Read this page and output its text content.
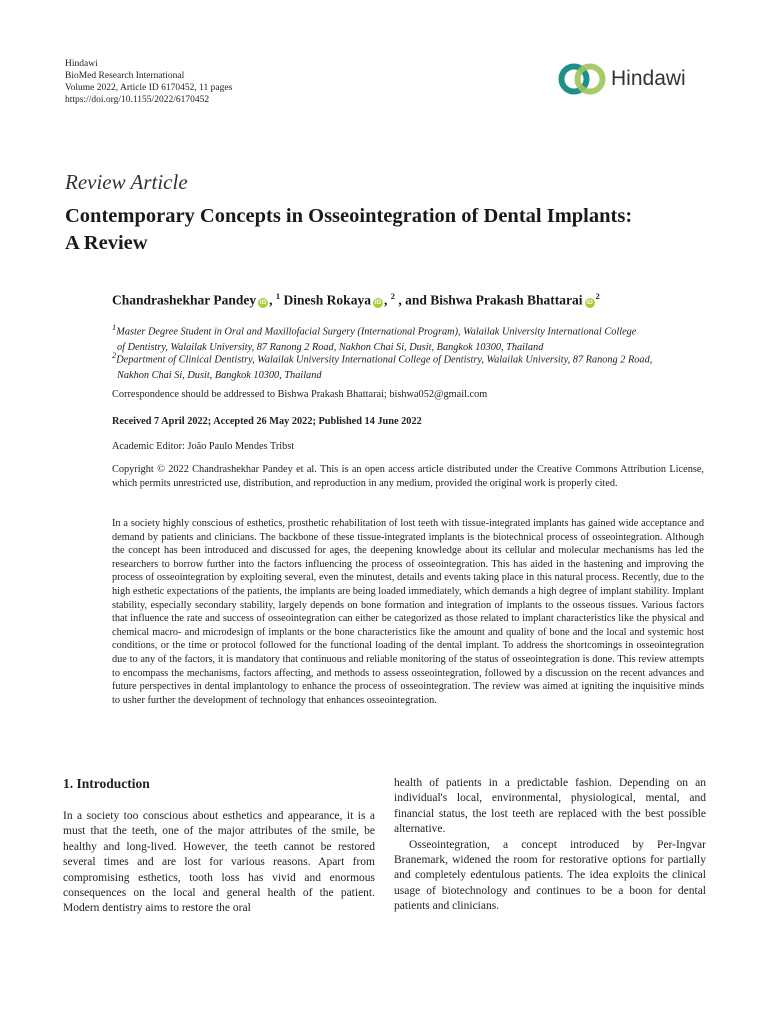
Hindawi
BioMed Research International
Volume 2022, Article ID 6170452, 11 pages
https://doi.org/10.1155/2022/6170452
Hindawi
Review Article
Contemporary Concepts in Osseointegration of Dental Implants:
A Review
Chandrashekhar Pandey iD , $^1$ Dinesh Rokaya iD , $^2$ , and Bishwa Prakash Bhattarai $iD^2$
$^1$Master Degree Student in Oral and Maxillofacial Surgery (International Program), Walailak University International College
of Dentistry, Walailak University, 87 Ranong 2 Road, Nakhon Chai Si, Dusit, Bangkok 10300, Thailand
$^2$Department of Clinical Dentistry, Walailak University International College of Dentistry, Walailak University, 87 Ranong 2 Road,
Nakhon Chai Si, Dusit, Bangkok 10300, Thailand
Correspondence should be addressed to Bishwa Prakash Bhattarai; bishwa052@gmail.com
Received 7 April 2022; Accepted 26 May 2022; Published 14 June 2022
Academic Editor: João Paulo Mendes Tribst
Copyright © 2022 Chandrashekhar Pandey et al. This is an open access article distributed under the Creative Commons Attribution License, which permits unrestricted use, distribution, and reproduction in any medium, provided the original work is properly cited.
In a society highly conscious of esthetics, prosthetic rehabilitation of lost teeth with tissue-integrated implants has gained wide acceptance and demand by patients and clinicians. The backbone of these tissue-integrated implants is the biotechnical process of osseointegration. Although the concept has been introduced and discussed for ages, the deepening knowledge about its cellular and molecular mechanisms has led the researchers to borrow further into the factors influencing the process of osseointegration. This has aided in the hastening and improving the process of osseointegration by exploiting several, even the minutest, details and events taking place in this natural process. Recently, due to the high esthetic expectations of the patients, the implants are being loaded immediately, which demands a high degree of implant stability. Implant stability, especially secondary stability, largely depends on bone formation and integration of implants to the osseous tissues. Various factors that influence the rate and success of osseointegration can either be categorized as those related to implant characteristics like the physical and chemical macro- and microdesign of implants or the bone characteristics like the amount and quality of bone and the local and systemic host conditions, or the time or protocol followed for the functional loading of the dental implant. To address the shortcomings in osseointegration due to any of the factors, it is mandatory that continuous and reliable monitoring of the status of osseointegration is done. This review attempts to encompass the mechanisms, factors affecting, and methods to assess osseointegration, followed by a discussion on the recent advances and future perspectives in dental implantology to enhance the process of osseointegration. The review was aimed at igniting the inquisitive minds to usher further the development of technology that enhances osseointegration.
1. Introduction

In a society too conscious about esthetics and appearance, it is a must that the teeth, one of the major attributes of the smile, be healthy and long-lived. However, the teeth cannot be restored several times and are lost for various reasons. Apart from compromising esthetics, tooth loss has vivid and enormous consequences on the local and general health of the patient. Modern dentistry aims to restore the oral

health of patients in a predictable fashion. Depending on an individual's local, environmental, physiological, mental, and financial status, the lost teeth are replaced with the best possible alternative.

Osseointegration, a concept introduced by Per-Ingvar Branemark, widened the room for restorative options for partially and completely edentulous patients. The idea exploits the clinical usage of biotechnology and continues to be a boon for dental patients and clinicians.
